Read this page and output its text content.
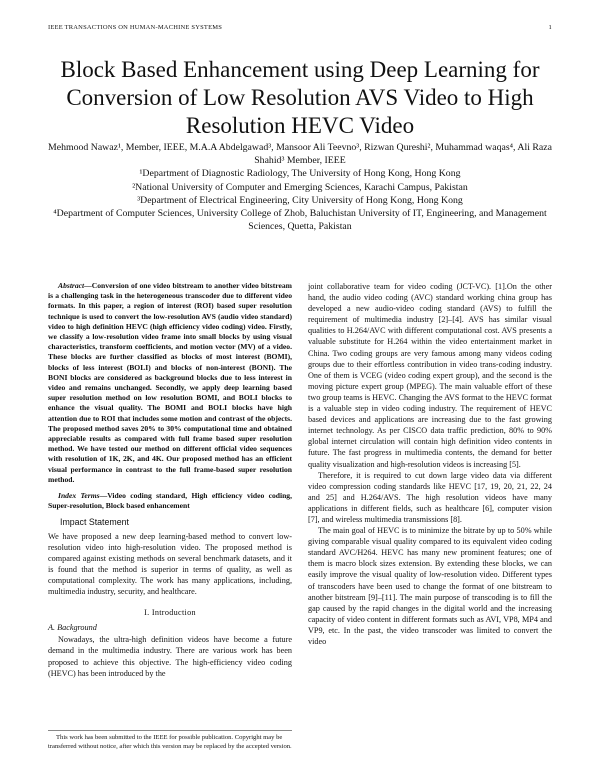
IEEE TRANSACTIONS ON HUMAN-MACHINE SYSTEMS	1
Block Based Enhancement using Deep Learning for Conversion of Low Resolution AVS Video to High Resolution HEVC Video

Mehmood Nawaz¹, Member, IEEE, M.A.A Abdelgawad³, Mansoor Ali Teevno³, Rizwan Qureshi², Muhammad waqas⁴, Ali Raza Shahid³ Member, IEEE

¹Department of Diagnostic Radiology, The University of Hong Kong, Hong Kong

²National University of Computer and Emerging Sciences, Karachi Campus, Pakistan

³Department of Electrical Engineering, City University of Hong Kong, Hong Kong

⁴Department of Computer Sciences, University College of Zhob, Baluchistan University of IT, Engineering, and Management Sciences, Quetta, Pakistan

Abstract—Conversion of one video bitstream to another video bitstream is a challenging task in the heterogeneous transcoder due to different video formats. In this paper, a region of interest (ROI) based super resolution technique is used to convert the low-resolution AVS (audio video standard) video to high definition HEVC (high efficiency video coding) video. Firstly, we classify a low-resolution video frame into small blocks by using visual characteristics, transform coefficients, and motion vector (MV) of a video. These blocks are further classified as blocks of most interest (BOMI), blocks of less interest (BOLI) and blocks of non-interest (BONI). The BONI blocks are considered as background blocks due to less interest in video and remains unchanged. Secondly, we apply deep learning based super resolution method on low resolution BOMI, and BOLI blocks to enhance the visual quality. The BOMI and BOLI blocks have high attention due to ROI that includes some motion and contrast of the objects. The proposed method saves 20% to 30% computational time and obtained appreciable results as compared with full frame based super resolution method. We have tested our method on different official video sequences with resolution of 1K, 2K, and 4K. Our proposed method has an efficient visual performance in contrast to the full frame-based super resolution method.

Index Terms—Video coding standard, High efficiency video coding, Super-resolution, Block based enhancement

Impact Statement

We have proposed a new deep learning-based method to convert low-resolution video into high-resolution video. The proposed method is compared against existing methods on several benchmark datasets, and it is found that the method is superior in terms of quality, as well as computational complexity. The work has many applications, including, multimedia industry, security, and healthcare.

I. Introduction

A. Background

Nowadays, the ultra-high definition videos have become a future demand in the multimedia industry. There are various work has been proposed to achieve this objective. The high-efficiency video coding (HEVC) has been introduced by the

This work has been submitted to the IEEE for possible publication. Copyright may be transferred without notice, after which this version may be replaced by the accepted version.

joint collaborative team for video coding (JCT-VC). [1].On the other hand, the audio video coding (AVC) standard working china group has developed a new audio-video coding standard (AVS) to fulfill the requirement of multimedia industry [2]–[4]. AVS has similar visual qualities to H.264/AVC with different computational cost. AVS presents a valuable substitute for H.264 within the video entertainment market in China. Two coding groups are very famous among many videos coding groups due to their effortless contribution in video trans-coding industry. One of them is VCEG (video coding expert group), and the second is the moving picture expert group (MPEG). The main valuable effort of these two group teams is HEVC. Changing the AVS format to the HEVC format is a valuable step in video coding industry. The requirement of HEVC based devices and applications are increasing due to the fast growing internet technology. As per CISCO data traffic prediction, 80% to 90% global internet circulation will contain high definition video contents in future. The fast progress in multimedia contents, the demand for better quality visualization and high-resolution videos is increasing [5].

Therefore, it is required to cut down large video data via different video compression coding standards like HEVC [17, 19, 20, 21, 22, 24 and 25] and H.264/AVS. The high resolution videos have many applications in different fields, such as healthcare [6], computer vision [7], and wireless multimedia transmissions [8].

The main goal of HEVC is to minimize the bitrate by up to 50% while giving comparable visual quality compared to its equivalent video coding standard AVC/H264. HEVC has many new prominent features; one of them is macro block sizes extension. By extending these blocks, we can easily improve the visual quality of low-resolution video. Different types of transcoders have been used to change the format of one bitstream to another bitstream [9]–[11]. The main purpose of transcoding is to fill the gap caused by the rapid changes in the digital world and the increasing capacity of video content in different formats such as AVI, VP8, MP4 and VP9, etc. In the past, the video transcoder was limited to convert the video
